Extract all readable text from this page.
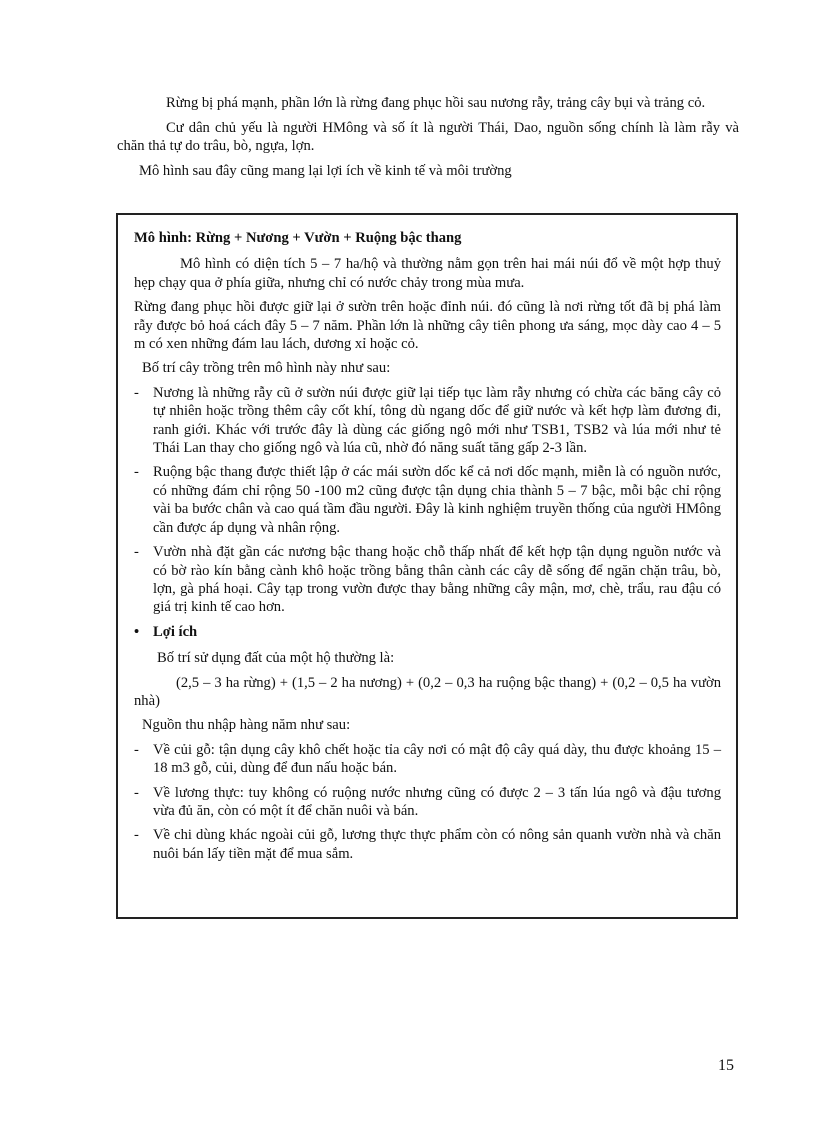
Rừng bị phá mạnh, phần lớn là rừng đang phục hồi sau nương rẫy, trảng cây bụi và trảng cỏ.

Cư dân chủ yếu là người HMông và số ít là người Thái, Dao, nguồn sống chính là làm rẫy và chăn thả tự do trâu, bò, ngựa, lợn.

Mô hình sau đây cũng mang lại lợi ích về kinh tế và môi trường

Mô hình: Rừng + Nương + Vườn + Ruộng bậc thang

Mô hình có diện tích 5 – 7 ha/hộ và thường nằm gọn trên hai mái núi đổ về một hợp thuỷ hẹp chạy qua ở phía giữa, nhưng chỉ có nước chảy trong mùa mưa.

Rừng đang phục hồi được giữ lại ở sườn trên hoặc đỉnh núi. đó cũng là nơi rừng tốt đã bị phá làm rẫy được bỏ hoá cách đây 5 – 7 năm. Phần lớn là những cây tiên phong ưa sáng, mọc dày cao 4 – 5 m có xen những đám lau lách, dương xỉ hoặc cỏ.

Bố trí cây trồng trên mô hình này như sau:

- Nương là những rẫy cũ ở sườn núi được giữ lại tiếp tục làm rẫy nhưng có chừa các băng cây cỏ tự nhiên hoặc trồng thêm cây cốt khí, tông dù ngang dốc để giữ nước và kết hợp làm đương đi, ranh giới. Khác với trước đây là dùng các giống ngô mới như TSB1, TSB2 và lúa mới như tẻ Thái Lan thay cho giống ngô và lúa cũ, nhờ đó năng suất tăng gấp 2-3 lần.
- Ruộng bậc thang được thiết lập ở các mái sườn dốc kể cả nơi dốc mạnh, miễn là có nguồn nước, có những đám chỉ rộng 50 -100 m2 cũng được tận dụng chia thành 5 – 7 bậc, mỗi bậc chỉ rộng vài ba bước chân và cao quá tầm đầu người. Đây là kinh nghiệm truyền thống của người HMông cần được áp dụng và nhân rộng.
- Vườn nhà đặt gần các nương bậc thang hoặc chỗ thấp nhất để kết hợp tận dụng nguồn nước và có bờ rào kín bằng cành khô hoặc trồng bằng thân cành các cây dễ sống để ngăn chặn trâu, bò, lợn, gà phá hoại. Cây tạp trong vườn được thay bằng những cây mận, mơ, chè, trẩu, rau đậu có giá trị kinh tế cao hơn.
• Lợi ích

Bố trí sử dụng đất của một hộ thường là:

(2,5 – 3 ha rừng) + (1,5 – 2 ha nương) + (0,2 – 0,3 ha ruộng bậc thang) + (0,2 – 0,5 ha vườn nhà)

Nguồn thu nhập hàng năm như sau:

- Về củi gỗ: tận dụng cây khô chết hoặc tỉa cây nơi có mật độ cây quá dày, thu được khoảng 15 – 18 m3 gỗ, củi, dùng để đun nấu hoặc bán.
- Về lương thực: tuy không có ruộng nước nhưng cũng có được 2 – 3 tấn lúa ngô và đậu tương vừa đủ ăn, còn có một ít để chăn nuôi và bán.
- Về chi dùng khác ngoài củi gỗ, lương thực thực phẩm còn có nông sản quanh vườn nhà và chăn nuôi bán lấy tiền mặt để mua sắm.
15
